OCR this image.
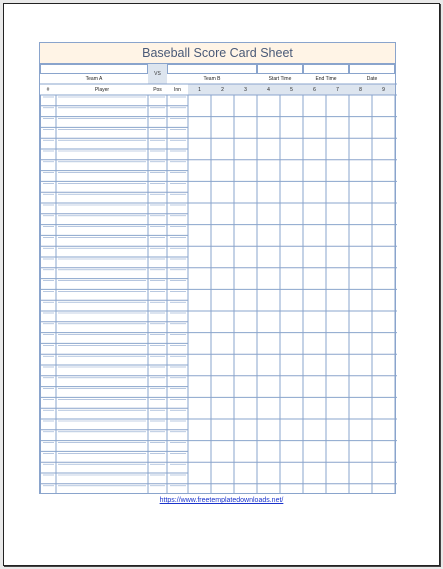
Baseball Score Card Sheet
VS
Team A	Team B	Start Time	End Time	Date
#	Player	Pos	Inn	1	2	3	4	5	6	7	8	9
https://www.freetemplatedownloads.net/
